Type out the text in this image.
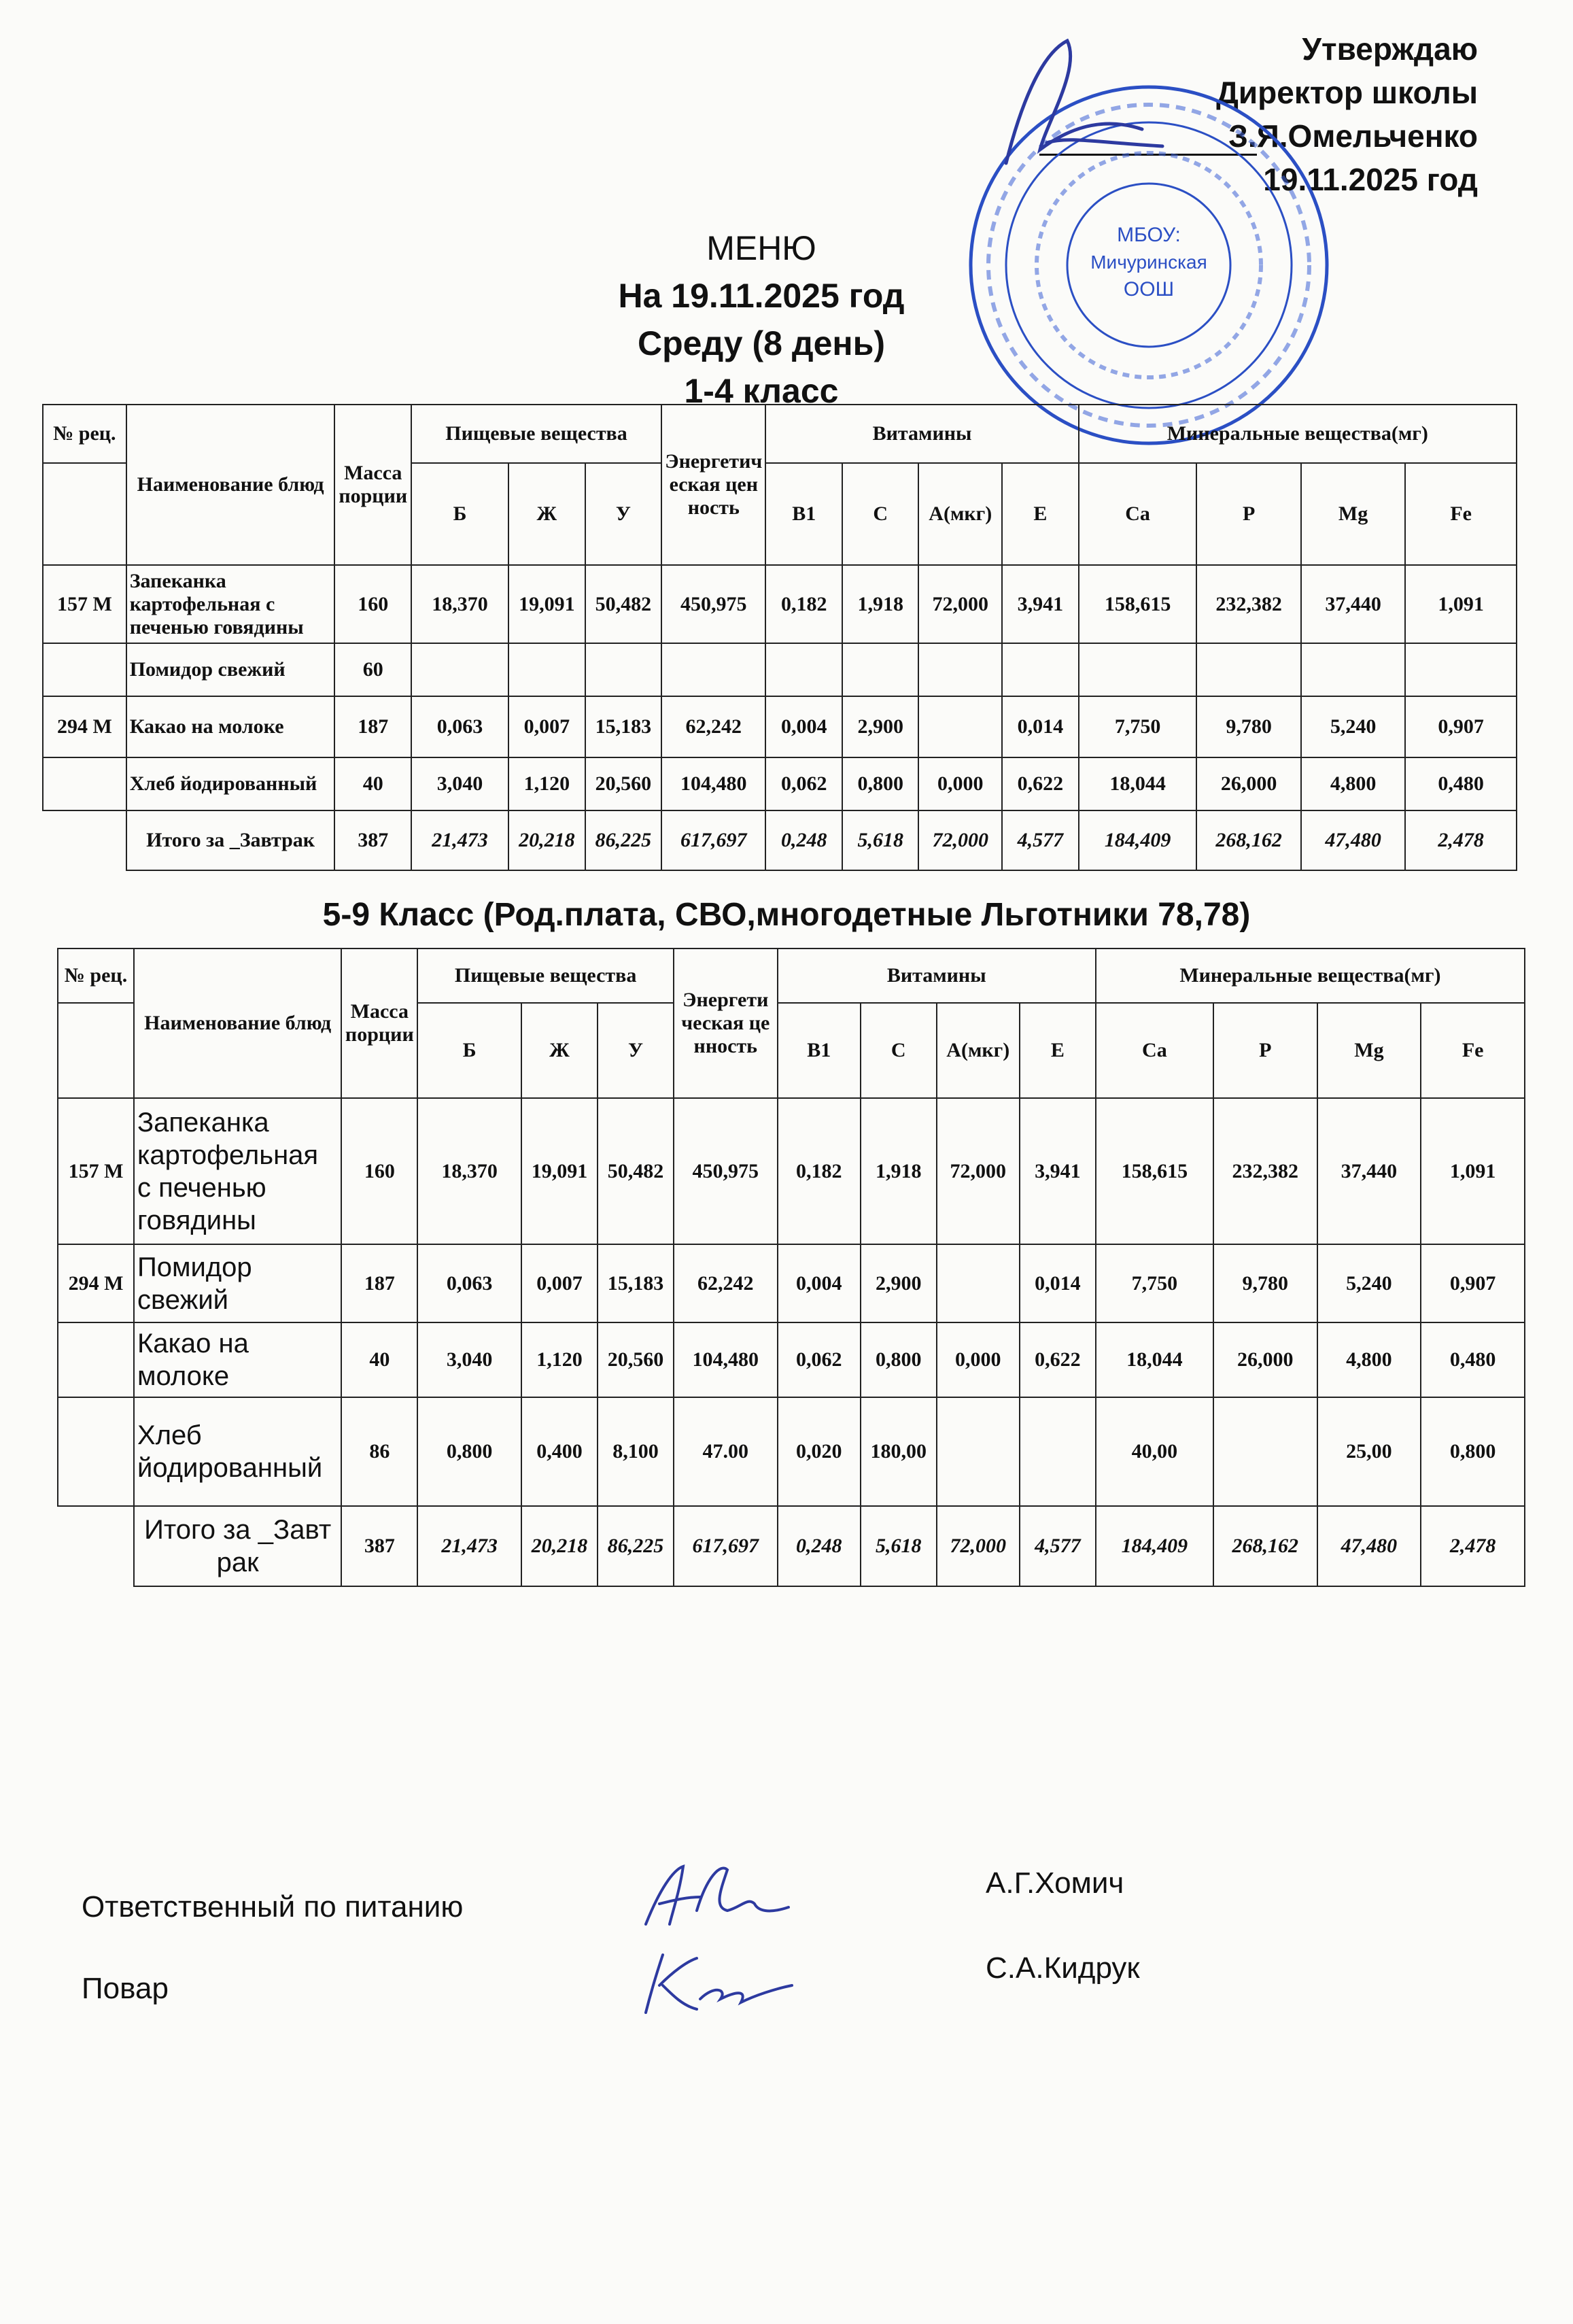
Утверждаю
Директор школы
З.Я.Омельченко
19.11.2025 год
МБОУ:
Мичуринская
ООШ
МЕНЮ
На 19.11.2025 год
Среду (8 день)
1-4 класс
№ рец.	Наименование блюд	Масса порции	Пищевые вещества			Энергетическая ценность	Витамины				Минеральные вещества(мг)			
			Б	Ж	У		В1	С	А(мкг)	Е	Са	Р	Mg	Fe
157 М	Запеканка картофельная с печенью говядины	160	18,370	19,091	50,482	450,975	0,182	1,918	72,000	3,941	158,615	232,382	37,440	1,091
	Помидор свежий	60												
294 М	Какао на молоке	187	0,063	0,007	15,183	62,242	0,004	2,900		0,014	7,750	9,780	5,240	0,907
	Хлеб йодированный	40	3,040	1,120	20,560	104,480	0,062	0,800	0,000	0,622	18,044	26,000	4,800	0,480
	Итого за _Завтрак	387	21,473	20,218	86,225	617,697	0,248	5,618	72,000	4,577	184,409	268,162	47,480	2,478
5-9 Класс (Род.плата, СВО,многодетные Льготники 78,78)
№ рец.	Наименование блюд	Масса порции	Пищевые вещества			Энергетическая ценность	Витамины				Минеральные вещества(мг)			
			Б	Ж	У		В1	С	А(мкг)	Е	Са	Р	Mg	Fe
157 М	Запеканка картофельная с печенью говядины	160	18,370	19,091	50,482	450,975	0,182	1,918	72,000	3,941	158,615	232,382	37,440	1,091
294 М	Помидор свежий	187	0,063	0,007	15,183	62,242	0,004	2,900		0,014	7,750	9,780	5,240	0,907
	Какао на молоке	40	3,040	1,120	20,560	104,480	0,062	0,800	0,000	0,622	18,044	26,000	4,800	0,480
	Хлеб йодированный	86	0,800	0,400	8,100	47.00	0,020	180,00			40,00		25,00	0,800
	Итого за _Завтрак	387	21,473	20,218	86,225	617,697	0,248	5,618	72,000	4,577	184,409	268,162	47,480	2,478
Ответственный по питанию
А.Г.Хомич
Повар
С.А.Кидрук
